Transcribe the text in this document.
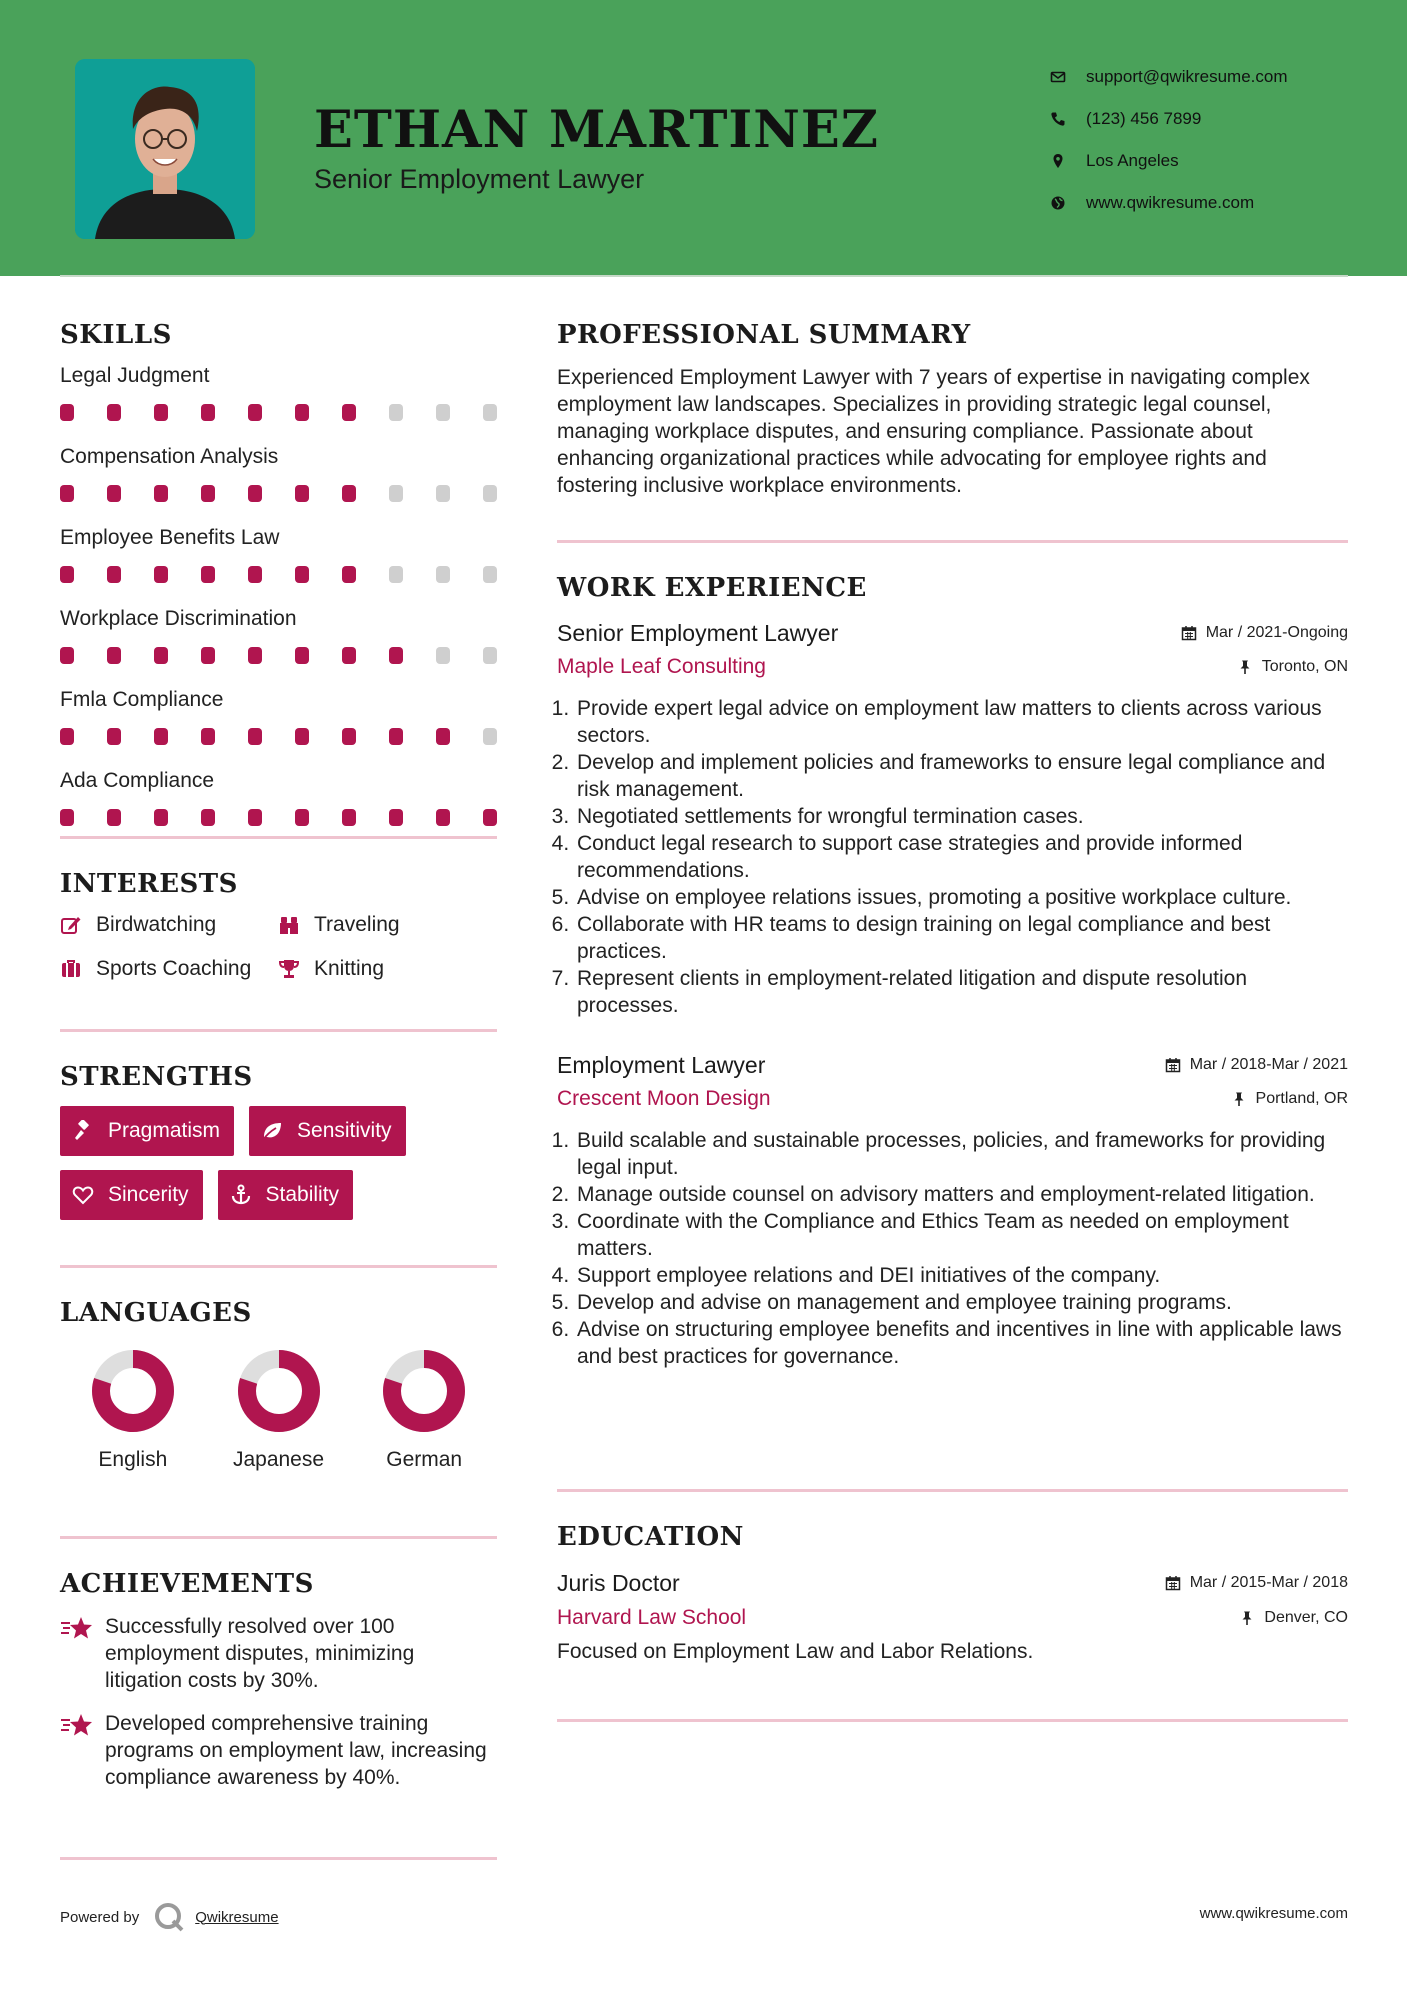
ETHAN MARTINEZ
Senior Employment Lawyer
support@qwikresume.com
(123) 456 7899
Los Angeles
www.qwikresume.com
SKILLS
Legal Judgment
Compensation Analysis
Employee Benefits Law
Workplace Discrimination
Fmla Compliance
Ada Compliance
INTERESTS
Birdwatching	Traveling
Sports Coaching	Knitting
STRENGTHS
Pragmatism	Sensitivity
Sincerity	Stability
LANGUAGES
English	Japanese	German
ACHIEVEMENTS
Successfully resolved over 100 employment disputes, minimizing litigation costs by 30%.
Developed comprehensive training programs on employment law, increasing compliance awareness by 40%.
PROFESSIONAL SUMMARY

Experienced Employment Lawyer with 7 years of expertise in navigating complex employment law landscapes. Specializes in providing strategic legal counsel, managing workplace disputes, and ensuring compliance. Passionate about enhancing organizational practices while advocating for employee rights and fostering inclusive workplace environments.

WORK EXPERIENCE
Senior Employment Lawyer	Mar / 2021-Ongoing
Maple Leaf Consulting	Toronto, ON
1. Provide expert legal advice on employment law matters to clients across various sectors.
2. Develop and implement policies and frameworks to ensure legal compliance and risk management.
3. Negotiated settlements for wrongful termination cases.
4. Conduct legal research to support case strategies and provide informed recommendations.
5. Advise on employee relations issues, promoting a positive workplace culture.
6. Collaborate with HR teams to design training on legal compliance and best practices.
7. Represent clients in employment-related litigation and dispute resolution processes.
Employment Lawyer	Mar / 2018-Mar / 2021
Crescent Moon Design	Portland, OR
1. Build scalable and sustainable processes, policies, and frameworks for providing legal input.
2. Manage outside counsel on advisory matters and employment-related litigation.
3. Coordinate with the Compliance and Ethics Team as needed on employment matters.
4. Support employee relations and DEI initiatives of the company.
5. Develop and advise on management and employee training programs.
6. Advise on structuring employee benefits and incentives in line with applicable laws and best practices for governance.
EDUCATION
Juris Doctor	Mar / 2015-Mar / 2018
Harvard Law School	Denver, CO
Focused on Employment Law and Labor Relations.
Powered by	Qwikresume	www.qwikresume.com
